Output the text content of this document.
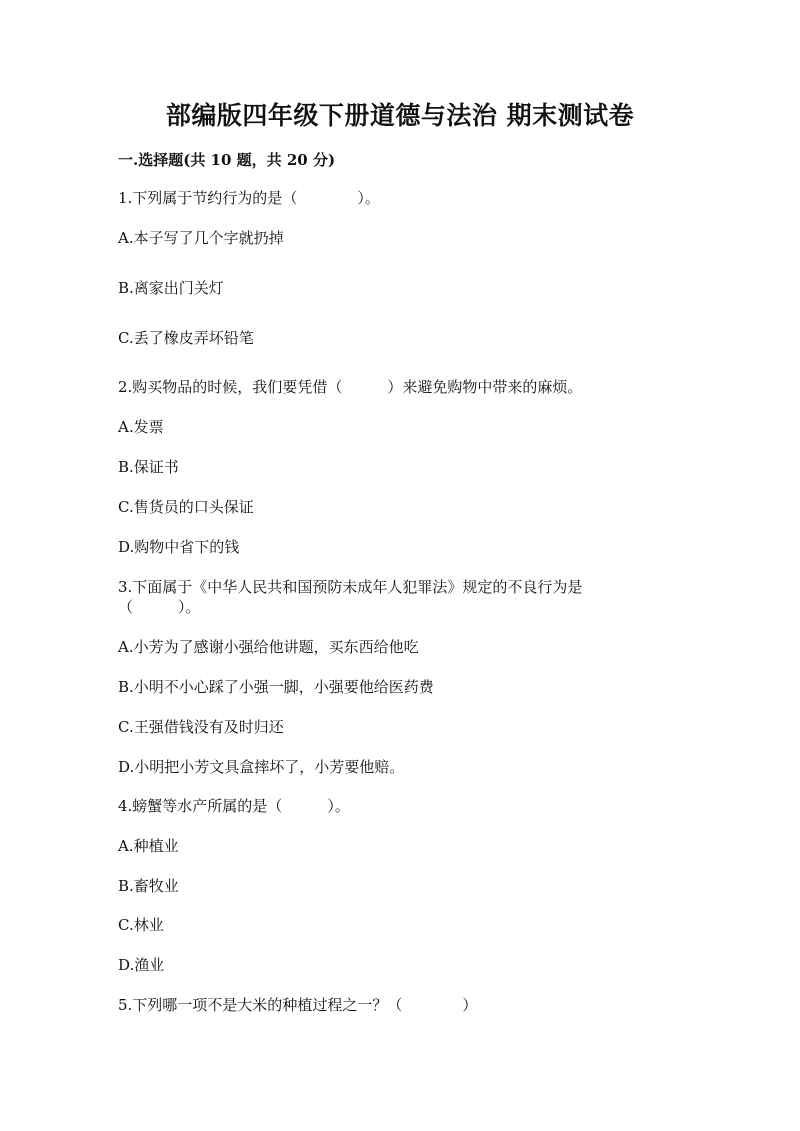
部编版四年级下册道德与法治 期末测试卷
一.选择题(共 10 题，共 20 分)
1.下列属于节约行为的是（　　　　）。
A.本子写了几个字就扔掉
B.离家出门关灯
C.丢了橡皮弄坏铅笔
2.购买物品的时候，我们要凭借（　　　）来避免购物中带来的麻烦。
A.发票
B.保证书
C.售货员的口头保证
D.购物中省下的钱
3.下面属于《中华人民共和国预防未成年人犯罪法》规定的不良行为是
（　　　）。
A.小芳为了感谢小强给他讲题，买东西给他吃
B.小明不小心踩了小强一脚，小强要他给医药费
C.王强借钱没有及时归还
D.小明把小芳文具盒摔坏了，小芳要他赔。
4.螃蟹等水产所属的是（　　　）。
A.种植业
B.畜牧业
C.林业
D.渔业
5.下列哪一项不是大米的种植过程之一？（　　　　）
